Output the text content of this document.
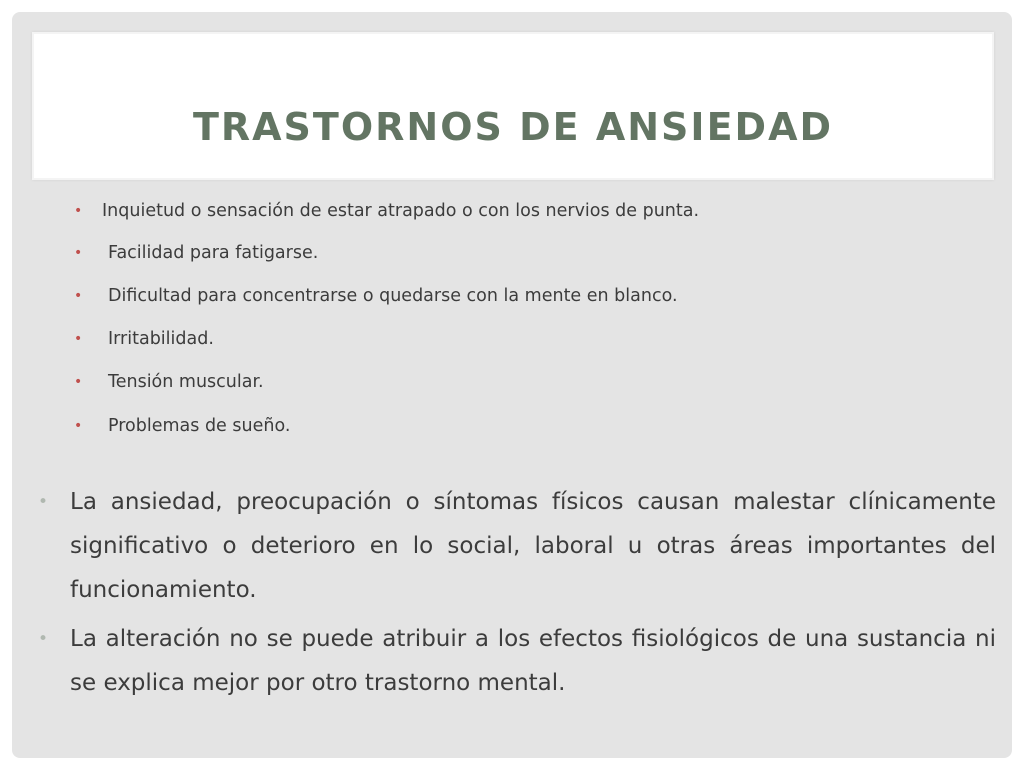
TRASTORNOS DE ANSIEDAD
• Inquietud o sensación de estar atrapado o con los nervios de punta.
• Facilidad para fatigarse.
• Dificultad para concentrarse o quedarse con la mente en blanco.
• Irritabilidad.
• Tensión muscular.
• Problemas de sueño.
• La ansiedad, preocupación o síntomas físicos causan malestar clínicamente significativo o deterioro en lo social, laboral u otras áreas importantes del funcionamiento.
• La alteración no se puede atribuir a los efectos fisiológicos de una sustancia ni se explica mejor por otro trastorno mental.
